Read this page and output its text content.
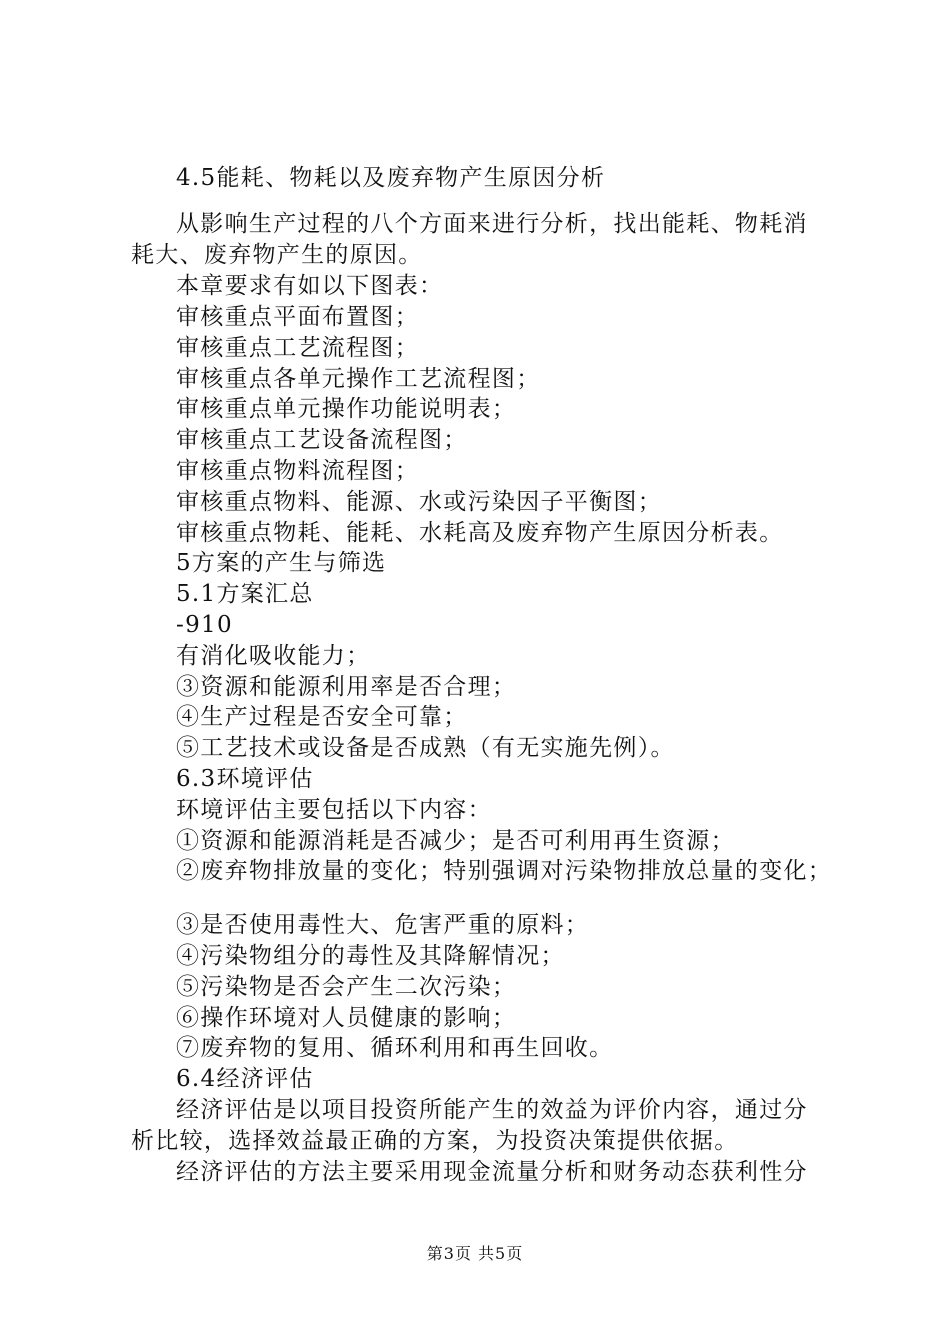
4.5能耗、物耗以及废弃物产生原因分析
从影响生产过程的八个方面来进行分析，找出能耗、物耗消
耗大、废弃物产生的原因。
本章要求有如以下图表：
审核重点平面布置图；
审核重点工艺流程图；
审核重点各单元操作工艺流程图；
审核重点单元操作功能说明表；
审核重点工艺设备流程图；
审核重点物料流程图；
审核重点物料、能源、水或污染因子平衡图；
审核重点物耗、能耗、水耗高及废弃物产生原因分析表。
5方案的产生与筛选
5.1方案汇总
-910
有消化吸收能力；
③资源和能源利用率是否合理；
④生产过程是否安全可靠；
⑤工艺技术或设备是否成熟（有无实施先例）。
6.3环境评估
环境评估主要包括以下内容：
①资源和能源消耗是否减少；是否可利用再生资源；
②废弃物排放量的变化；特别强调对污染物排放总量的变化；
③是否使用毒性大、危害严重的原料；
④污染物组分的毒性及其降解情况；
⑤污染物是否会产生二次污染；
⑥操作环境对人员健康的影响；
⑦废弃物的复用、循环利用和再生回收。
6.4经济评估
经济评估是以项目投资所能产生的效益为评价内容，通过分
析比较，选择效益最正确的方案，为投资决策提供依据。
经济评估的方法主要采用现金流量分析和财务动态获利性分
第3页 共5页
